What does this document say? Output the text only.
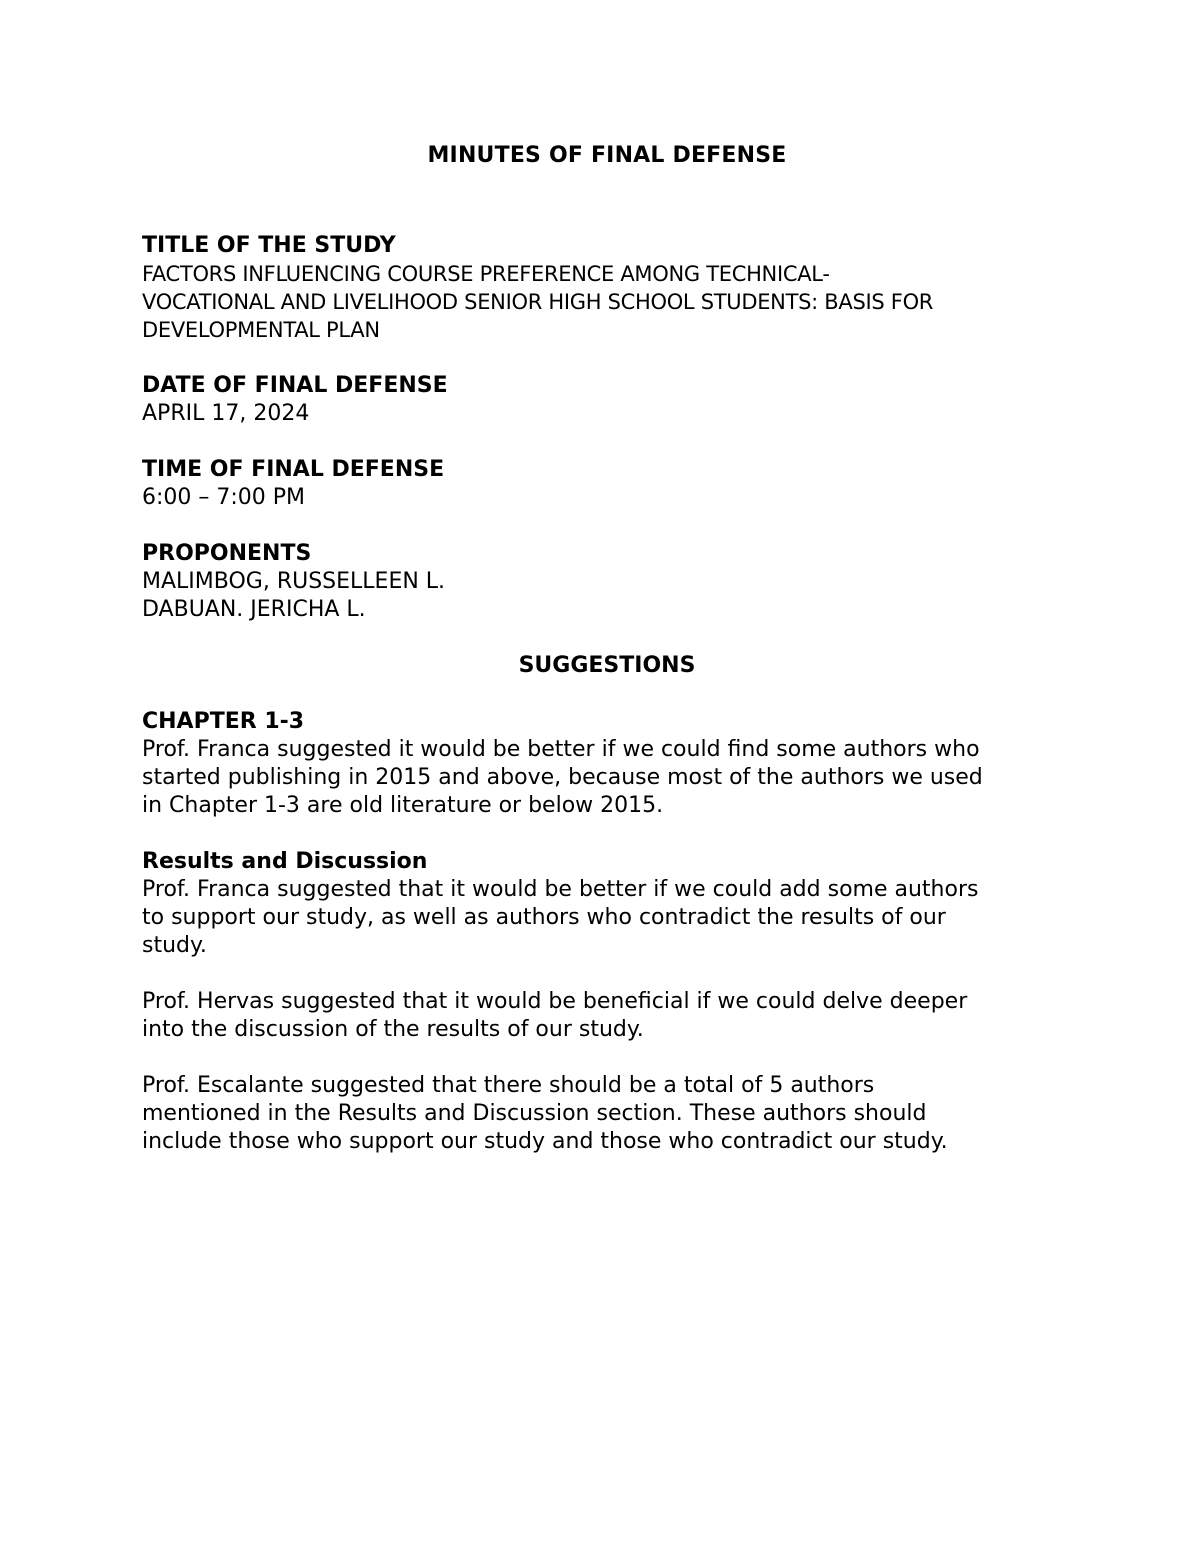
MINUTES OF FINAL DEFENSE
TITLE OF THE STUDY

FACTORS INFLUENCING COURSE PREFERENCE AMONG TECHNICAL-
VOCATIONAL AND LIVELIHOOD SENIOR HIGH SCHOOL STUDENTS: BASIS FOR
DEVELOPMENTAL PLAN

DATE OF FINAL DEFENSE

APRIL 17, 2024

TIME OF FINAL DEFENSE

6:00 – 7:00 PM

PROPONENTS

MALIMBOG, RUSSELLEEN L.

DABUAN. JERICHA L.

SUGGESTIONS
CHAPTER 1-3

Prof. Franca suggested it would be better if we could find some authors who
started publishing in 2015 and above, because most of the authors we used
in Chapter 1-3 are old literature or below 2015.

Results and Discussion

Prof. Franca suggested that it would be better if we could add some authors
to support our study, as well as authors who contradict the results of our
study.

Prof. Hervas suggested that it would be beneficial if we could delve deeper
into the discussion of the results of our study.

Prof. Escalante suggested that there should be a total of 5 authors
mentioned in the Results and Discussion section. These authors should
include those who support our study and those who contradict our study.
